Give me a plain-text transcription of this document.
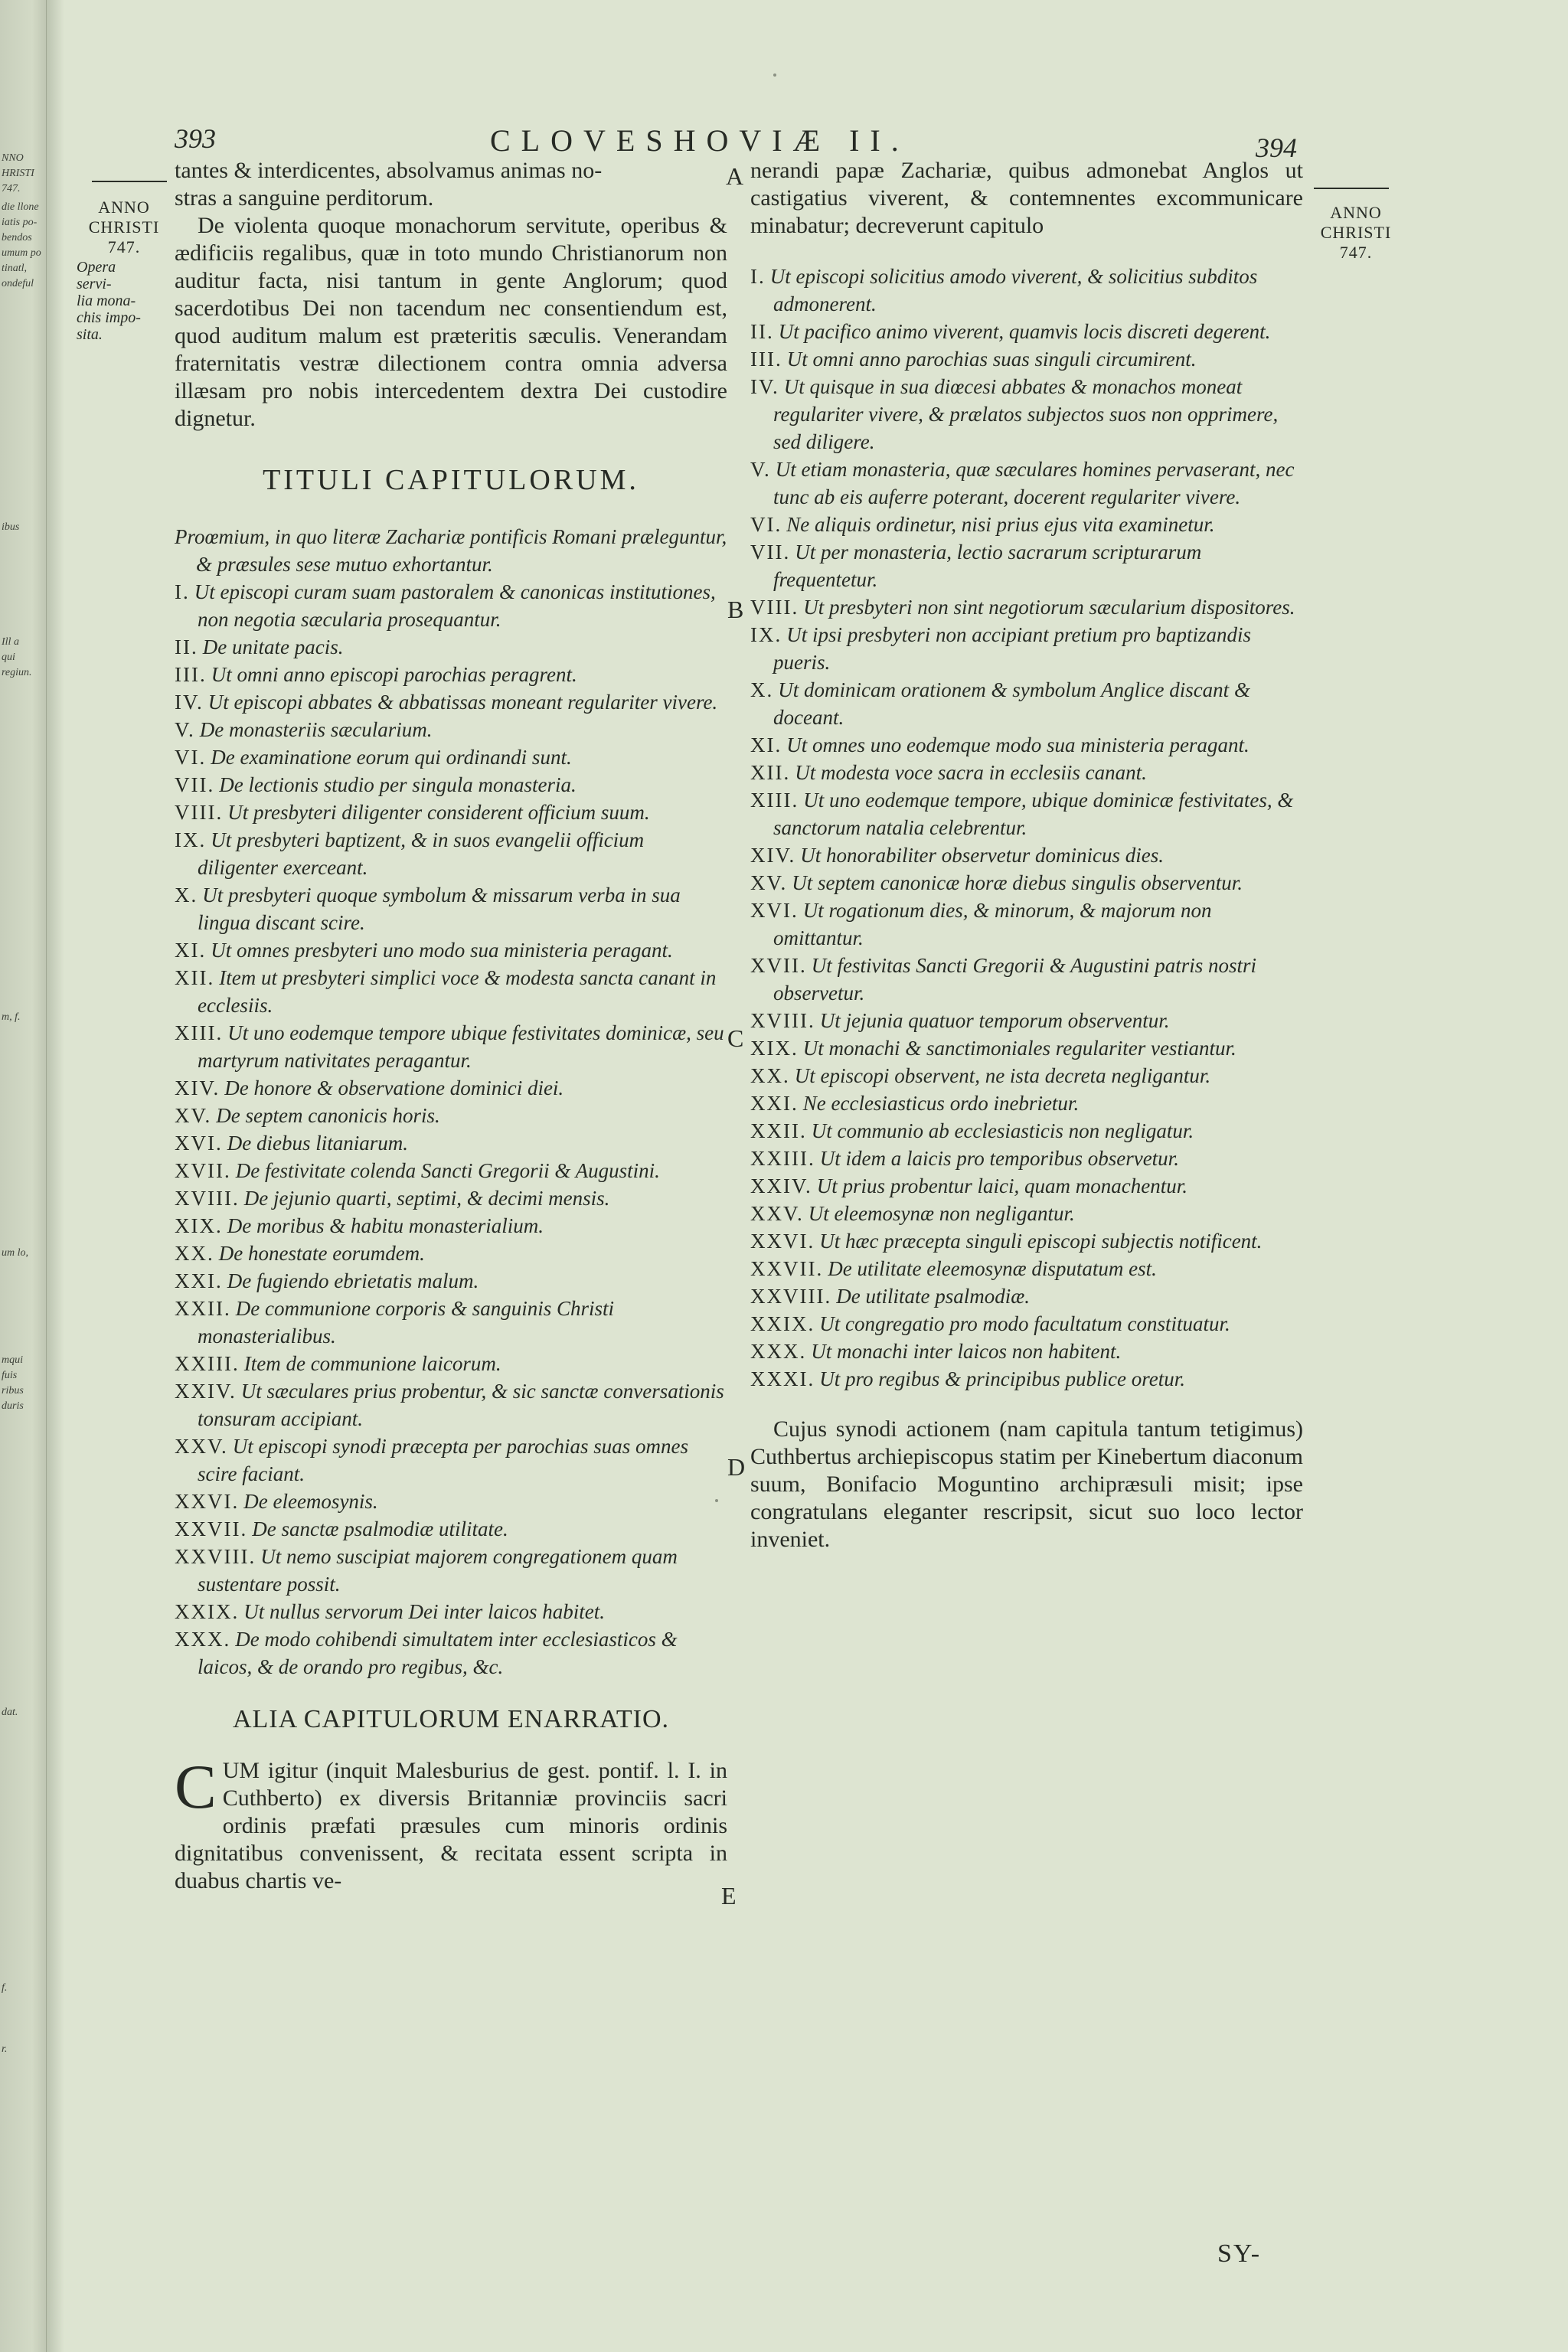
NNO
HRISTI
747.
die llone
iatis po-
bendos
umum po
tinatl,
ondeful
ibus
Ill a
qui
regiun.
m, f.
um lo,
mqui
fuis
ribus
duris
dat.
f.
r.
393	CLOVESHOVIÆ II.	394
ANNO
CHRISTI
747.
Opera servi-
lia mona-
chis impo-
sita.
ANNO
CHRISTI
747.
A
B
C
D
E

tantes & interdicentes, absolvamus animas no-
stras a sanguine perditorum.

De violenta quoque monachorum servitute, operibus & ædificiis regalibus, quæ in toto mundo Christianorum non auditur facta, nisi tantum in gente Anglorum; quod sacerdotibus Dei non tacendum nec consentiendum est, quod auditum malum est præteritis sæculis. Venerandam fraternitatis vestræ dilectionem contra omnia adversa illæsam pro nobis intercedentem dextra Dei custodire dignetur.

TITULI CAPITULORUM.

Proœmium, in quo literæ Zachariæ pontificis Romani præleguntur, & præsules sese mutuo exhortantur.

I. Ut episcopi curam suam pastoralem & canonicas institutiones, non negotia sæcularia prosequantur.

II. De unitate pacis.

III. Ut omni anno episcopi parochias peragrent.

IV. Ut episcopi abbates & abbatissas moneant regulariter vivere.

V. De monasteriis sæcularium.

VI. De examinatione eorum qui ordinandi sunt.

VII. De lectionis studio per singula monasteria.

VIII. Ut presbyteri diligenter considerent officium suum.

IX. Ut presbyteri baptizent, & in suos evangelii officium diligenter exerceant.

X. Ut presbyteri quoque symbolum & missarum verba in sua lingua discant scire.

XI. Ut omnes presbyteri uno modo sua ministeria peragant.

XII. Item ut presbyteri simplici voce & modesta sancta canant in ecclesiis.

XIII. Ut uno eodemque tempore ubique festivitates dominicæ, seu martyrum nativitates peragantur.

XIV. De honore & observatione dominici diei.

XV. De septem canonicis horis.

XVI. De diebus litaniarum.

XVII. De festivitate colenda Sancti Gregorii & Augustini.

XVIII. De jejunio quarti, septimi, & decimi mensis.

XIX. De moribus & habitu monasterialium.

XX. De honestate eorumdem.

XXI. De fugiendo ebrietatis malum.

XXII. De communione corporis & sanguinis Christi monasterialibus.

XXIII. Item de communione laicorum.

XXIV. Ut sæculares prius probentur, & sic sanctæ conversationis tonsuram accipiant.

XXV. Ut episcopi synodi præcepta per parochias suas omnes scire faciant.

XXVI. De eleemosynis.

XXVII. De sanctæ psalmodiæ utilitate.

XXVIII. Ut nemo suscipiat majorem congregationem quam sustentare possit.

XXIX. Ut nullus servorum Dei inter laicos habitet.

XXX. De modo cohibendi simultatem inter ecclesiasticos & laicos, & de orando pro regibus, &c.

ALIA CAPITULORUM ENARRATIO.
C UM igitur (inquit Malesburius de gest. pontif. l. I. in Cuthberto) ex diversis Britanniæ provinciis sacri ordinis præfati præsules cum minoris ordinis dignitatibus convenissent, & recitata essent scripta in duabus chartis ve-

nerandi papæ Zachariæ, quibus admonebat Anglos ut castigatius viverent, & contemnentes excommunicare minabatur; decreverunt capitulo

I. Ut episcopi solicitius amodo viverent, & solicitius subditos admonerent.

II. Ut pacifico animo viverent, quamvis locis discreti degerent.

III. Ut omni anno parochias suas singuli circumirent.

IV. Ut quisque in sua diœcesi abbates & monachos moneat regulariter vivere, & prælatos subjectos suos non opprimere, sed diligere.

V. Ut etiam monasteria, quæ sæculares homines pervaserant, nec tunc ab eis auferre poterant, docerent regulariter vivere.

VI. Ne aliquis ordinetur, nisi prius ejus vita examinetur.

VII. Ut per monasteria, lectio sacrarum scripturarum frequentetur.

VIII. Ut presbyteri non sint negotiorum sæcularium dispositores.

IX. Ut ipsi presbyteri non accipiant pretium pro baptizandis pueris.

X. Ut dominicam orationem & symbolum Anglice discant & doceant.

XI. Ut omnes uno eodemque modo sua ministeria peragant.

XII. Ut modesta voce sacra in ecclesiis canant.

XIII. Ut uno eodemque tempore, ubique dominicæ festivitates, & sanctorum natalia celebrentur.

XIV. Ut honorabiliter observetur dominicus dies.

XV. Ut septem canonicæ horæ diebus singulis observentur.

XVI. Ut rogationum dies, & minorum, & majorum non omittantur.

XVII. Ut festivitas Sancti Gregorii & Augustini patris nostri observetur.

XVIII. Ut jejunia quatuor temporum observentur.

XIX. Ut monachi & sanctimoniales regulariter vestiantur.

XX. Ut episcopi observent, ne ista decreta negligantur.

XXI. Ne ecclesiasticus ordo inebrietur.

XXII. Ut communio ab ecclesiasticis non negligatur.

XXIII. Ut idem a laicis pro temporibus observetur.

XXIV. Ut prius probentur laici, quam monachentur.

XXV. Ut eleemosynæ non negligantur.

XXVI. Ut hæc præcepta singuli episcopi subjectis notificent.

XXVII. De utilitate eleemosynæ disputatum est.

XXVIII. De utilitate psalmodiæ.

XXIX. Ut congregatio pro modo facultatum constituatur.

XXX. Ut monachi inter laicos non habitent.

XXXI. Ut pro regibus & principibus publice oretur.

Cujus synodi actionem (nam capitula tantum tetigimus) Cuthbertus archiepiscopus statim per Kinebertum diaconum suum, Bonifacio Moguntino archipræsuli misit; ipse congratulans eleganter rescripsit, sicut suo loco lector inveniet.

SY-
